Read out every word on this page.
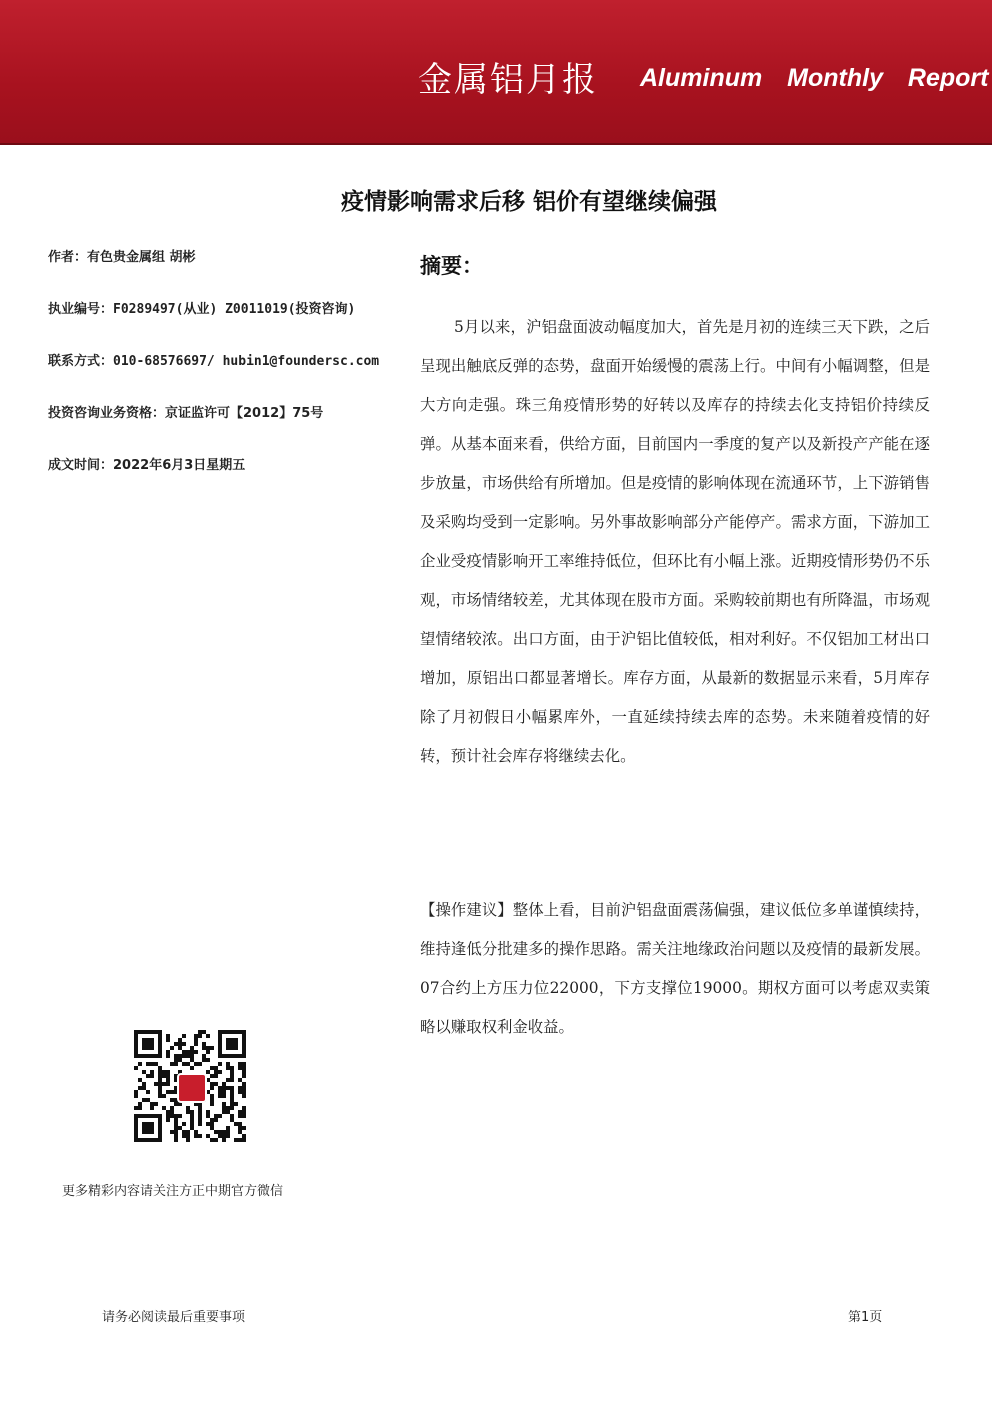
金属铝月报 Aluminum Monthly Report
疫情影响需求后移 铝价有望继续偏强
作者：有色贵金属组 胡彬
执业编号：F0289497(从业) Z0011019(投资咨询)
联系方式：010-68576697/ hubin1@foundersc.com
投资咨询业务资格：京证监许可【2012】75号
成文时间：2022年6月3日星期五
摘要：

5月以来，沪铝盘面波动幅度加大，首先是月初的连续三天下跌，之后呈现出触底反弹的态势，盘面开始缓慢的震荡上行。中间有小幅调整，但是大方向走强。珠三角疫情形势的好转以及库存的持续去化支持铝价持续反弹。从基本面来看，供给方面，目前国内一季度的复产以及新投产产能在逐步放量，市场供给有所增加。但是疫情的影响体现在流通环节，上下游销售及采购均受到一定影响。另外事故影响部分产能停产。需求方面，下游加工企业受疫情影响开工率维持低位，但环比有小幅上涨。近期疫情形势仍不乐观，市场情绪较差，尤其体现在股市方面。采购较前期也有所降温，市场观望情绪较浓。出口方面，由于沪铝比值较低，相对利好。不仅铝加工材出口增加，原铝出口都显著增长。库存方面，从最新的数据显示来看，5月库存除了月初假日小幅累库外，一直延续持续去库的态势。未来随着疫情的好转，预计社会库存将继续去化。

【操作建议】整体上看，目前沪铝盘面震荡偏强，建议低位多单谨慎续持，维持逢低分批建多的操作思路。需关注地缘政治问题以及疫情的最新发展。07合约上方压力位22000，下方支撑位19000。期权方面可以考虑双卖策略以赚取权利金收益。

更多精彩内容请关注方正中期官方微信
请务必阅读最后重要事项	第1页
